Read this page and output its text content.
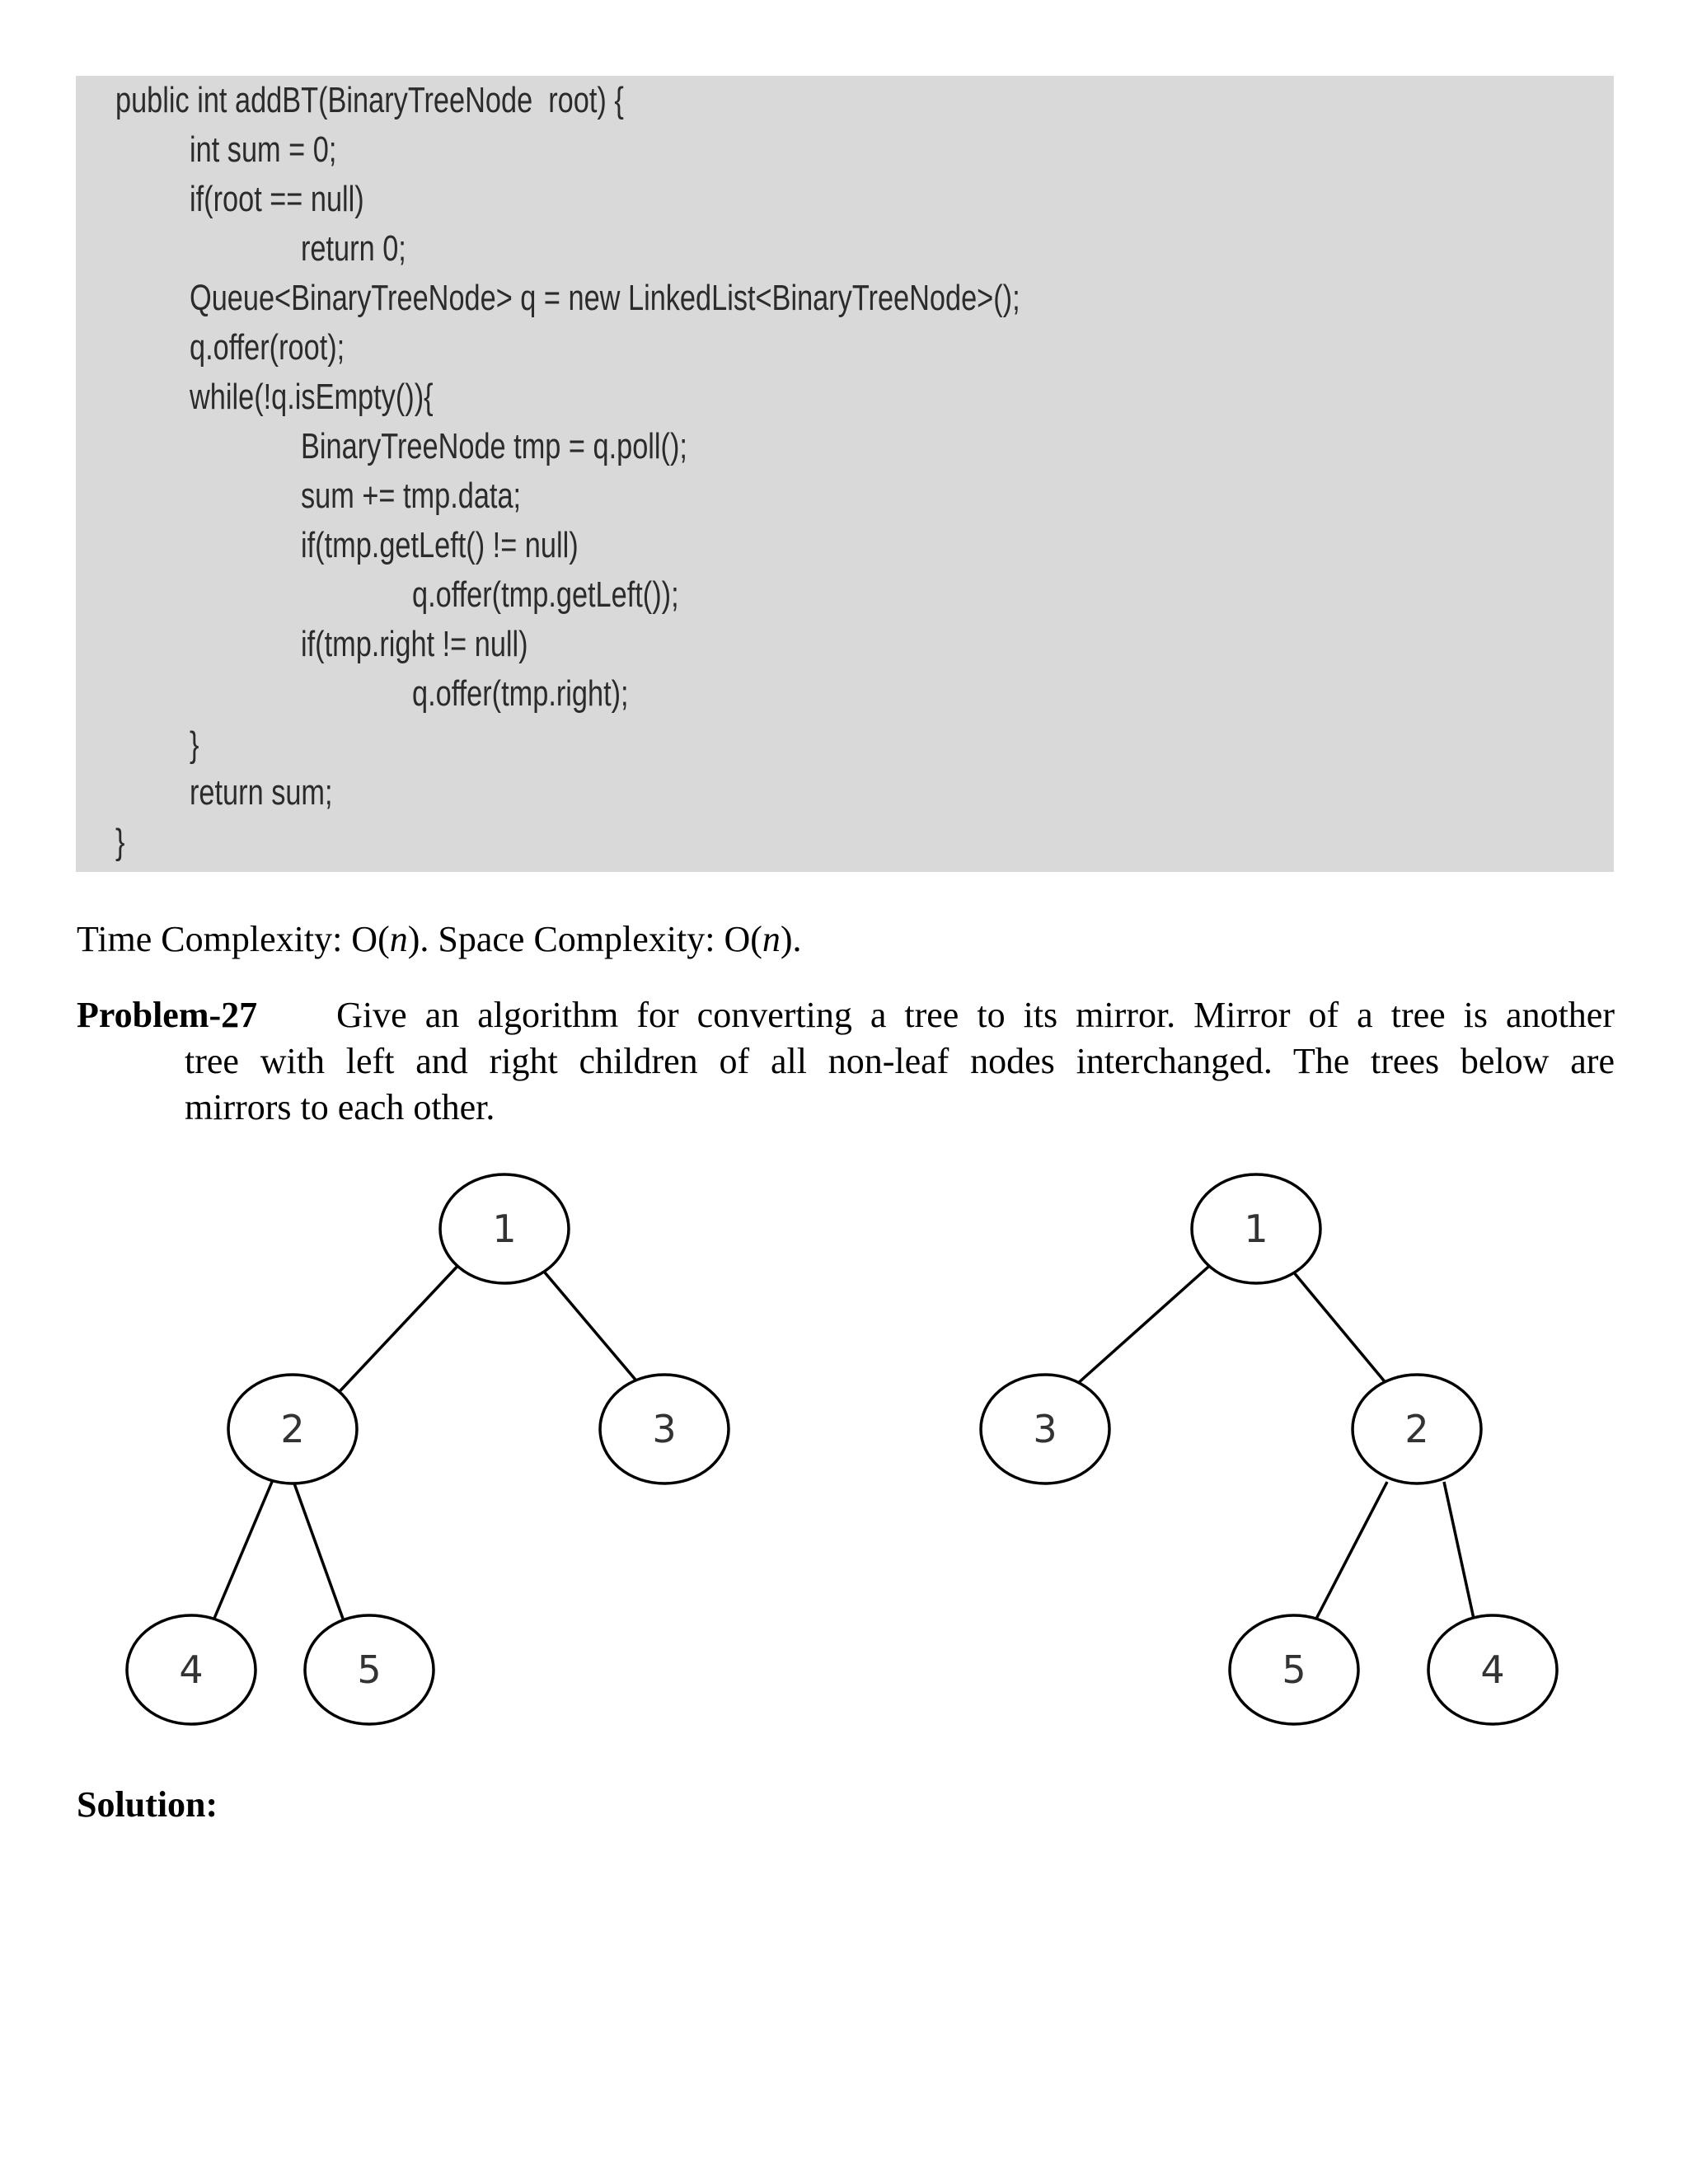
public int addBT(BinaryTreeNode  root) {
int sum = 0;
if(root == null)
return 0;
Queue<BinaryTreeNode> q = new LinkedList<BinaryTreeNode>();
q.offer(root);
while(!q.isEmpty()){
BinaryTreeNode tmp = q.poll();
sum += tmp.data;
if(tmp.getLeft() != null)
q.offer(tmp.getLeft());
if(tmp.right != null)
q.offer(tmp.right);
}
return sum;
}
Time Complexity: O(n). Space Complexity: O(n).
Problem-27 Give an algorithm for converting a tree to its mirror. Mirror of a tree is another
tree with left and right children of all non-leaf nodes interchanged. The trees below are
mirrors to each other.
1
2	3
4	5
1
3	2
5	4
Solution:
